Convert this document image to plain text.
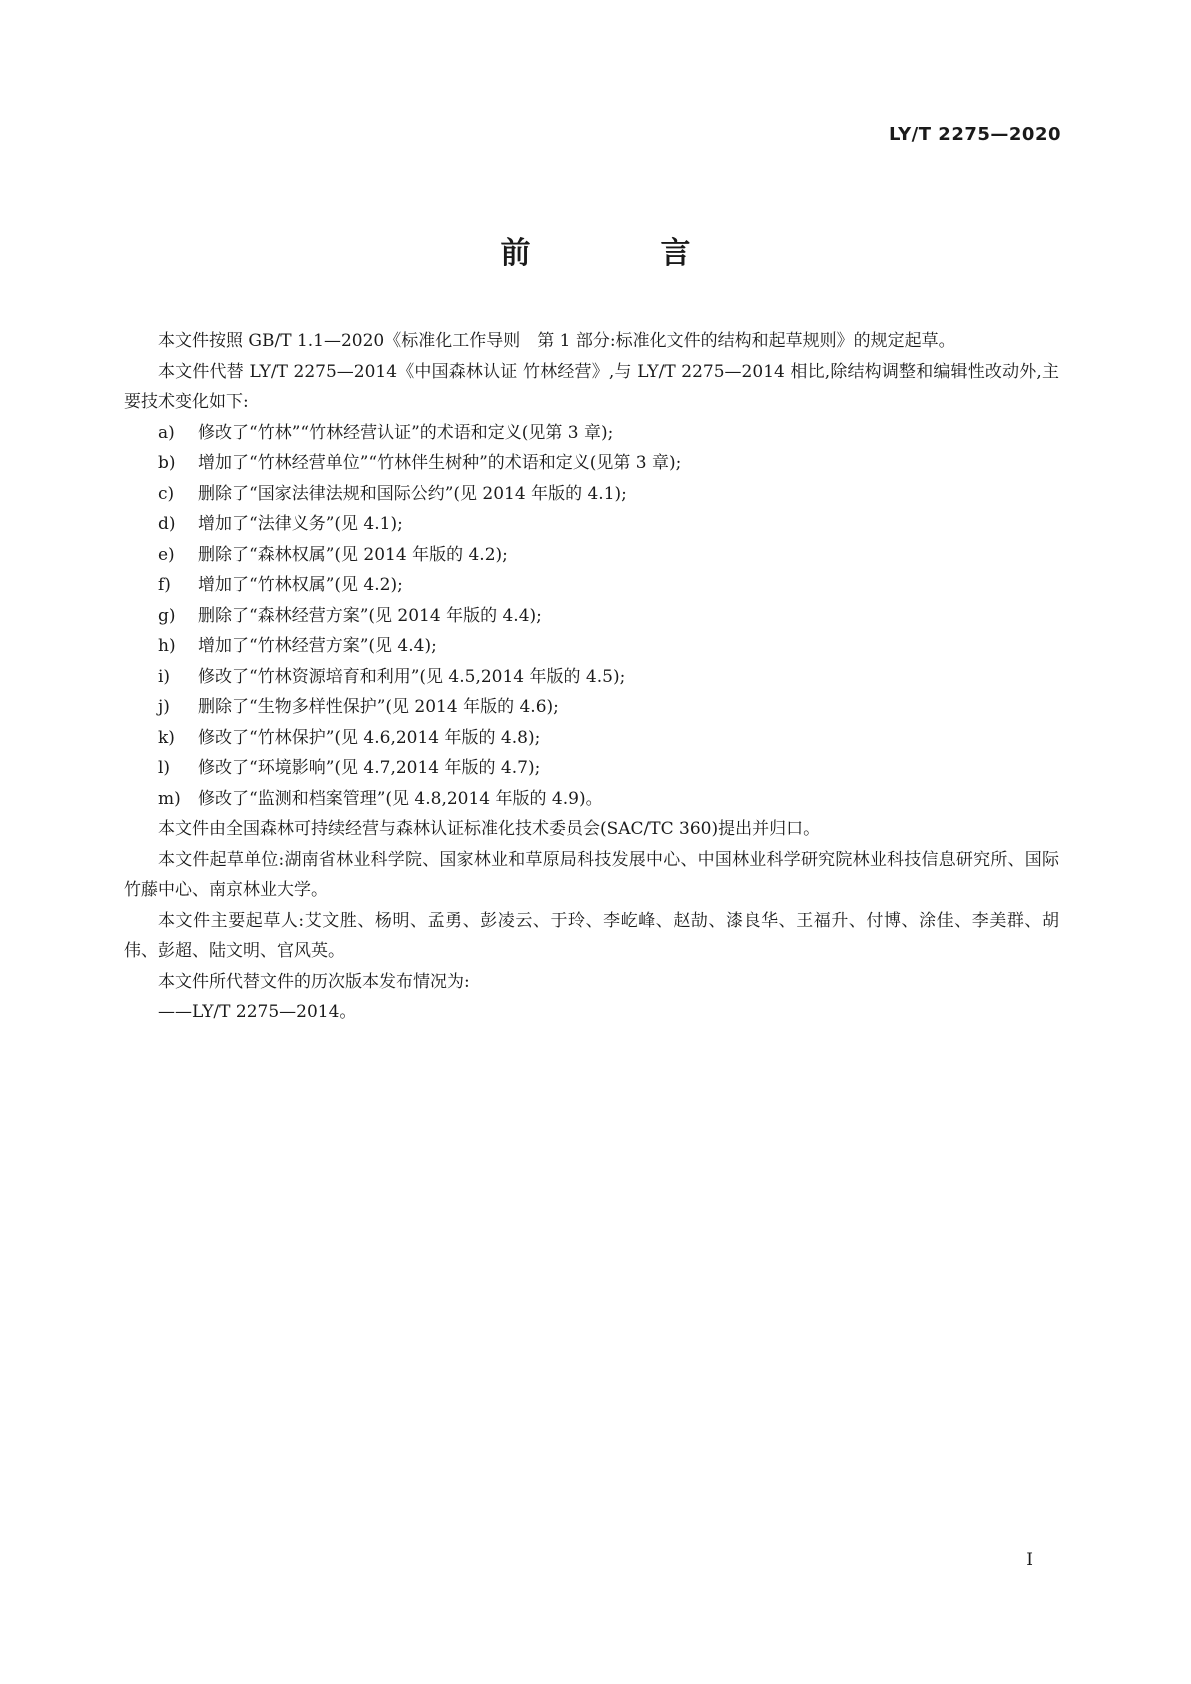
LY/T 2275—2020
前　言

本文件按照 GB/T 1.1—2020《标准化工作导则　第 1 部分:标准化文件的结构和起草规则》的规定起草。

本文件代替 LY/T 2275—2014《中国森林认证 竹林经营》,与 LY/T 2275—2014 相比,除结构调整和编辑性改动外,主要技术变化如下:

a) 修改了“竹林”“竹林经营认证”的术语和定义(见第 3 章);

b) 增加了“竹林经营单位”“竹林伴生树种”的术语和定义(见第 3 章);

c) 删除了“国家法律法规和国际公约”(见 2014 年版的 4.1);

d) 增加了“法律义务”(见 4.1);

e) 删除了“森林权属”(见 2014 年版的 4.2);

f) 增加了“竹林权属”(见 4.2);

g) 删除了“森林经营方案”(见 2014 年版的 4.4);

h) 增加了“竹林经营方案”(见 4.4);

i) 修改了“竹林资源培育和利用”(见 4.5,2014 年版的 4.5);

j) 删除了“生物多样性保护”(见 2014 年版的 4.6);

k) 修改了“竹林保护”(见 4.6,2014 年版的 4.8);

l) 修改了“环境影响”(见 4.7,2014 年版的 4.7);

m) 修改了“监测和档案管理”(见 4.8,2014 年版的 4.9)。

本文件由全国森林可持续经营与森林认证标准化技术委员会(SAC/TC 360)提出并归口。

本文件起草单位:湖南省林业科学院、国家林业和草原局科技发展中心、中国林业科学研究院林业科技信息研究所、国际竹藤中心、南京林业大学。

本文件主要起草人:艾文胜、杨明、孟勇、彭凌云、于玲、李屹峰、赵劼、漆良华、王福升、付博、涂佳、李美群、胡伟、彭超、陆文明、官风英。

本文件所代替文件的历次版本发布情况为:

——LY/T 2275—2014。

I
